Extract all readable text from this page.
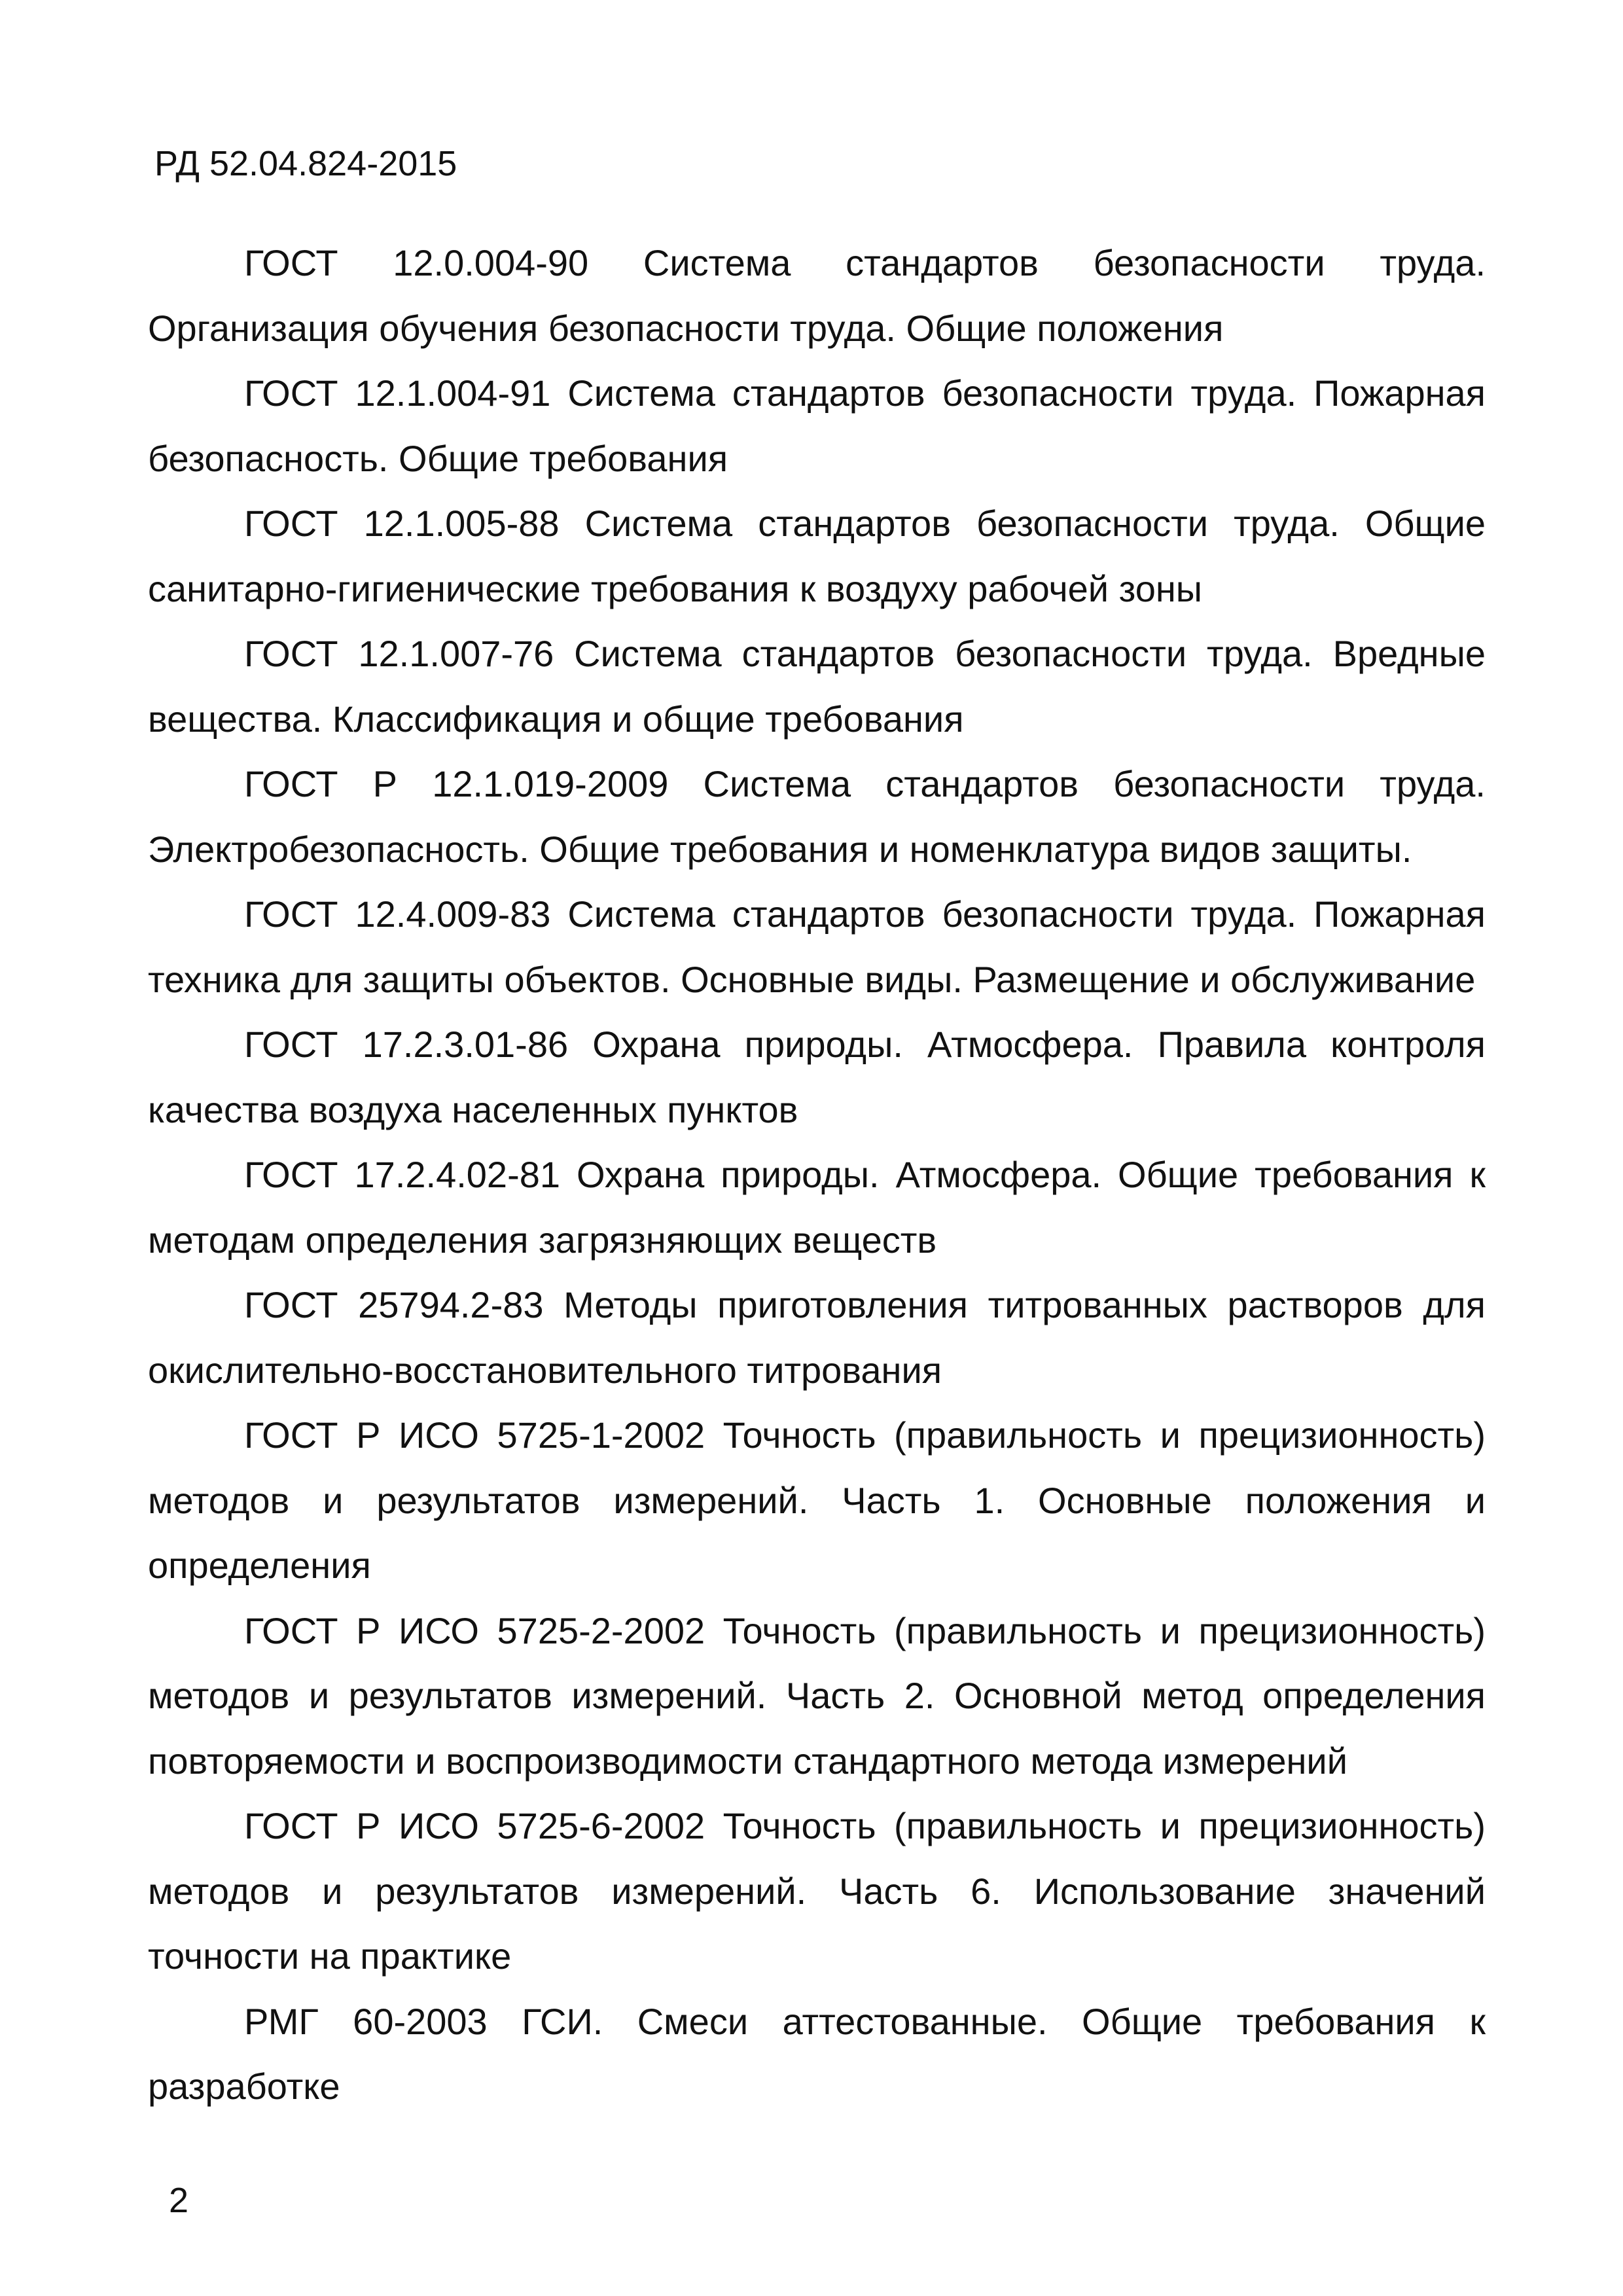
РД 52.04.824-2015

ГОСТ 12.0.004-90 Система стандартов безопасности труда. Организация обучения безопасности труда. Общие положения

ГОСТ 12.1.004-91 Система стандартов безопасности труда. Пожарная безопасность. Общие требования

ГОСТ 12.1.005-88 Система стандартов безопасности труда. Общие санитарно-гигиенические требования к воздуху рабочей зоны

ГОСТ 12.1.007-76 Система стандартов безопасности труда. Вредные вещества. Классификация и общие требования

ГОСТ Р 12.1.019-2009 Система стандартов безопасности труда. Электробезопасность. Общие требования и номенклатура видов защиты.

ГОСТ 12.4.009-83 Система стандартов безопасности труда. Пожарная техника для защиты объектов. Основные виды. Размещение и обслуживание

ГОСТ 17.2.3.01-86 Охрана природы. Атмосфера. Правила контроля качества воздуха населенных пунктов

ГОСТ 17.2.4.02-81 Охрана природы. Атмосфера. Общие требования к методам определения загрязняющих веществ

ГОСТ 25794.2-83 Методы приготовления титрованных растворов для окислительно-восстановительного титрования

ГОСТ Р ИСО 5725-1-2002 Точность (правильность и прецизионность) методов и результатов измерений. Часть 1. Основные положения и определения

ГОСТ Р ИСО 5725-2-2002 Точность (правильность и прецизионность) методов и результатов измерений. Часть 2. Основной метод определения повторяемости и воспроизводимости стандартного метода измерений

ГОСТ Р ИСО 5725-6-2002 Точность (правильность и прецизионность) методов и результатов измерений. Часть 6. Использование значений точности на практике

РМГ 60-2003 ГСИ. Смеси аттестованные. Общие требования к разработке

2
